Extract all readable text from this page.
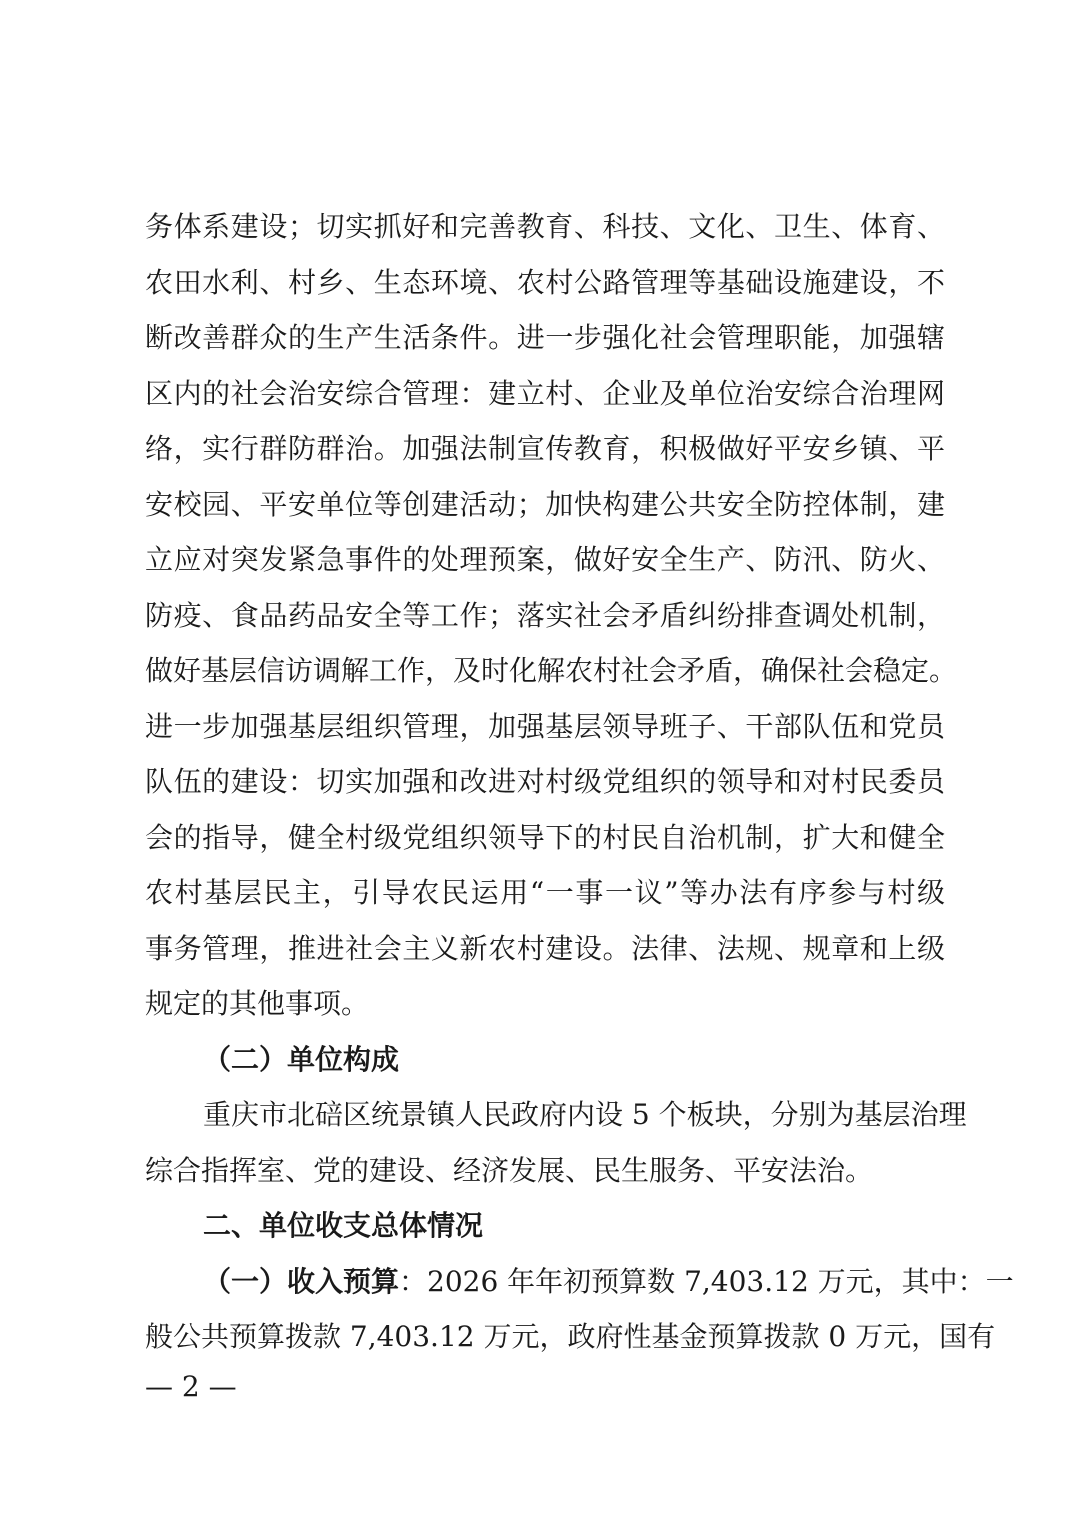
务体系建设；切实抓好和完善教育、科技、文化、卫生、体育、
农田水利、村乡、生态环境、农村公路管理等基础设施建设，不
断改善群众的生产生活条件。进一步强化社会管理职能，加强辖
区内的社会治安综合管理：建立村、企业及单位治安综合治理网
络，实行群防群治。加强法制宣传教育，积极做好平安乡镇、平
安校园、平安单位等创建活动；加快构建公共安全防控体制，建
立应对突发紧急事件的处理预案，做好安全生产、防汛、防火、
防疫、食品药品安全等工作；落实社会矛盾纠纷排查调处机制，
做好基层信访调解工作，及时化解农村社会矛盾，确保社会稳定。
进一步加强基层组织管理，加强基层领导班子、干部队伍和党员
队伍的建设：切实加强和改进对村级党组织的领导和对村民委员
会的指导，健全村级党组织领导下的村民自治机制，扩大和健全
农村基层民主，引导农民运用“一事一议”等办法有序参与村级
事务管理，推进社会主义新农村建设。法律、法规、规章和上级
规定的其他事项。
（二）单位构成
重庆市北碚区统景镇人民政府内设 5 个板块，分别为基层治理
综合指挥室、党的建设、经济发展、民生服务、平安法治。
二、单位收支总体情况
（一）收入预算：2026 年年初预算数 7,403.12 万元，其中：一
般公共预算拨款 7,403.12 万元，政府性基金预算拨款 0 万元，国有
— 2 —
